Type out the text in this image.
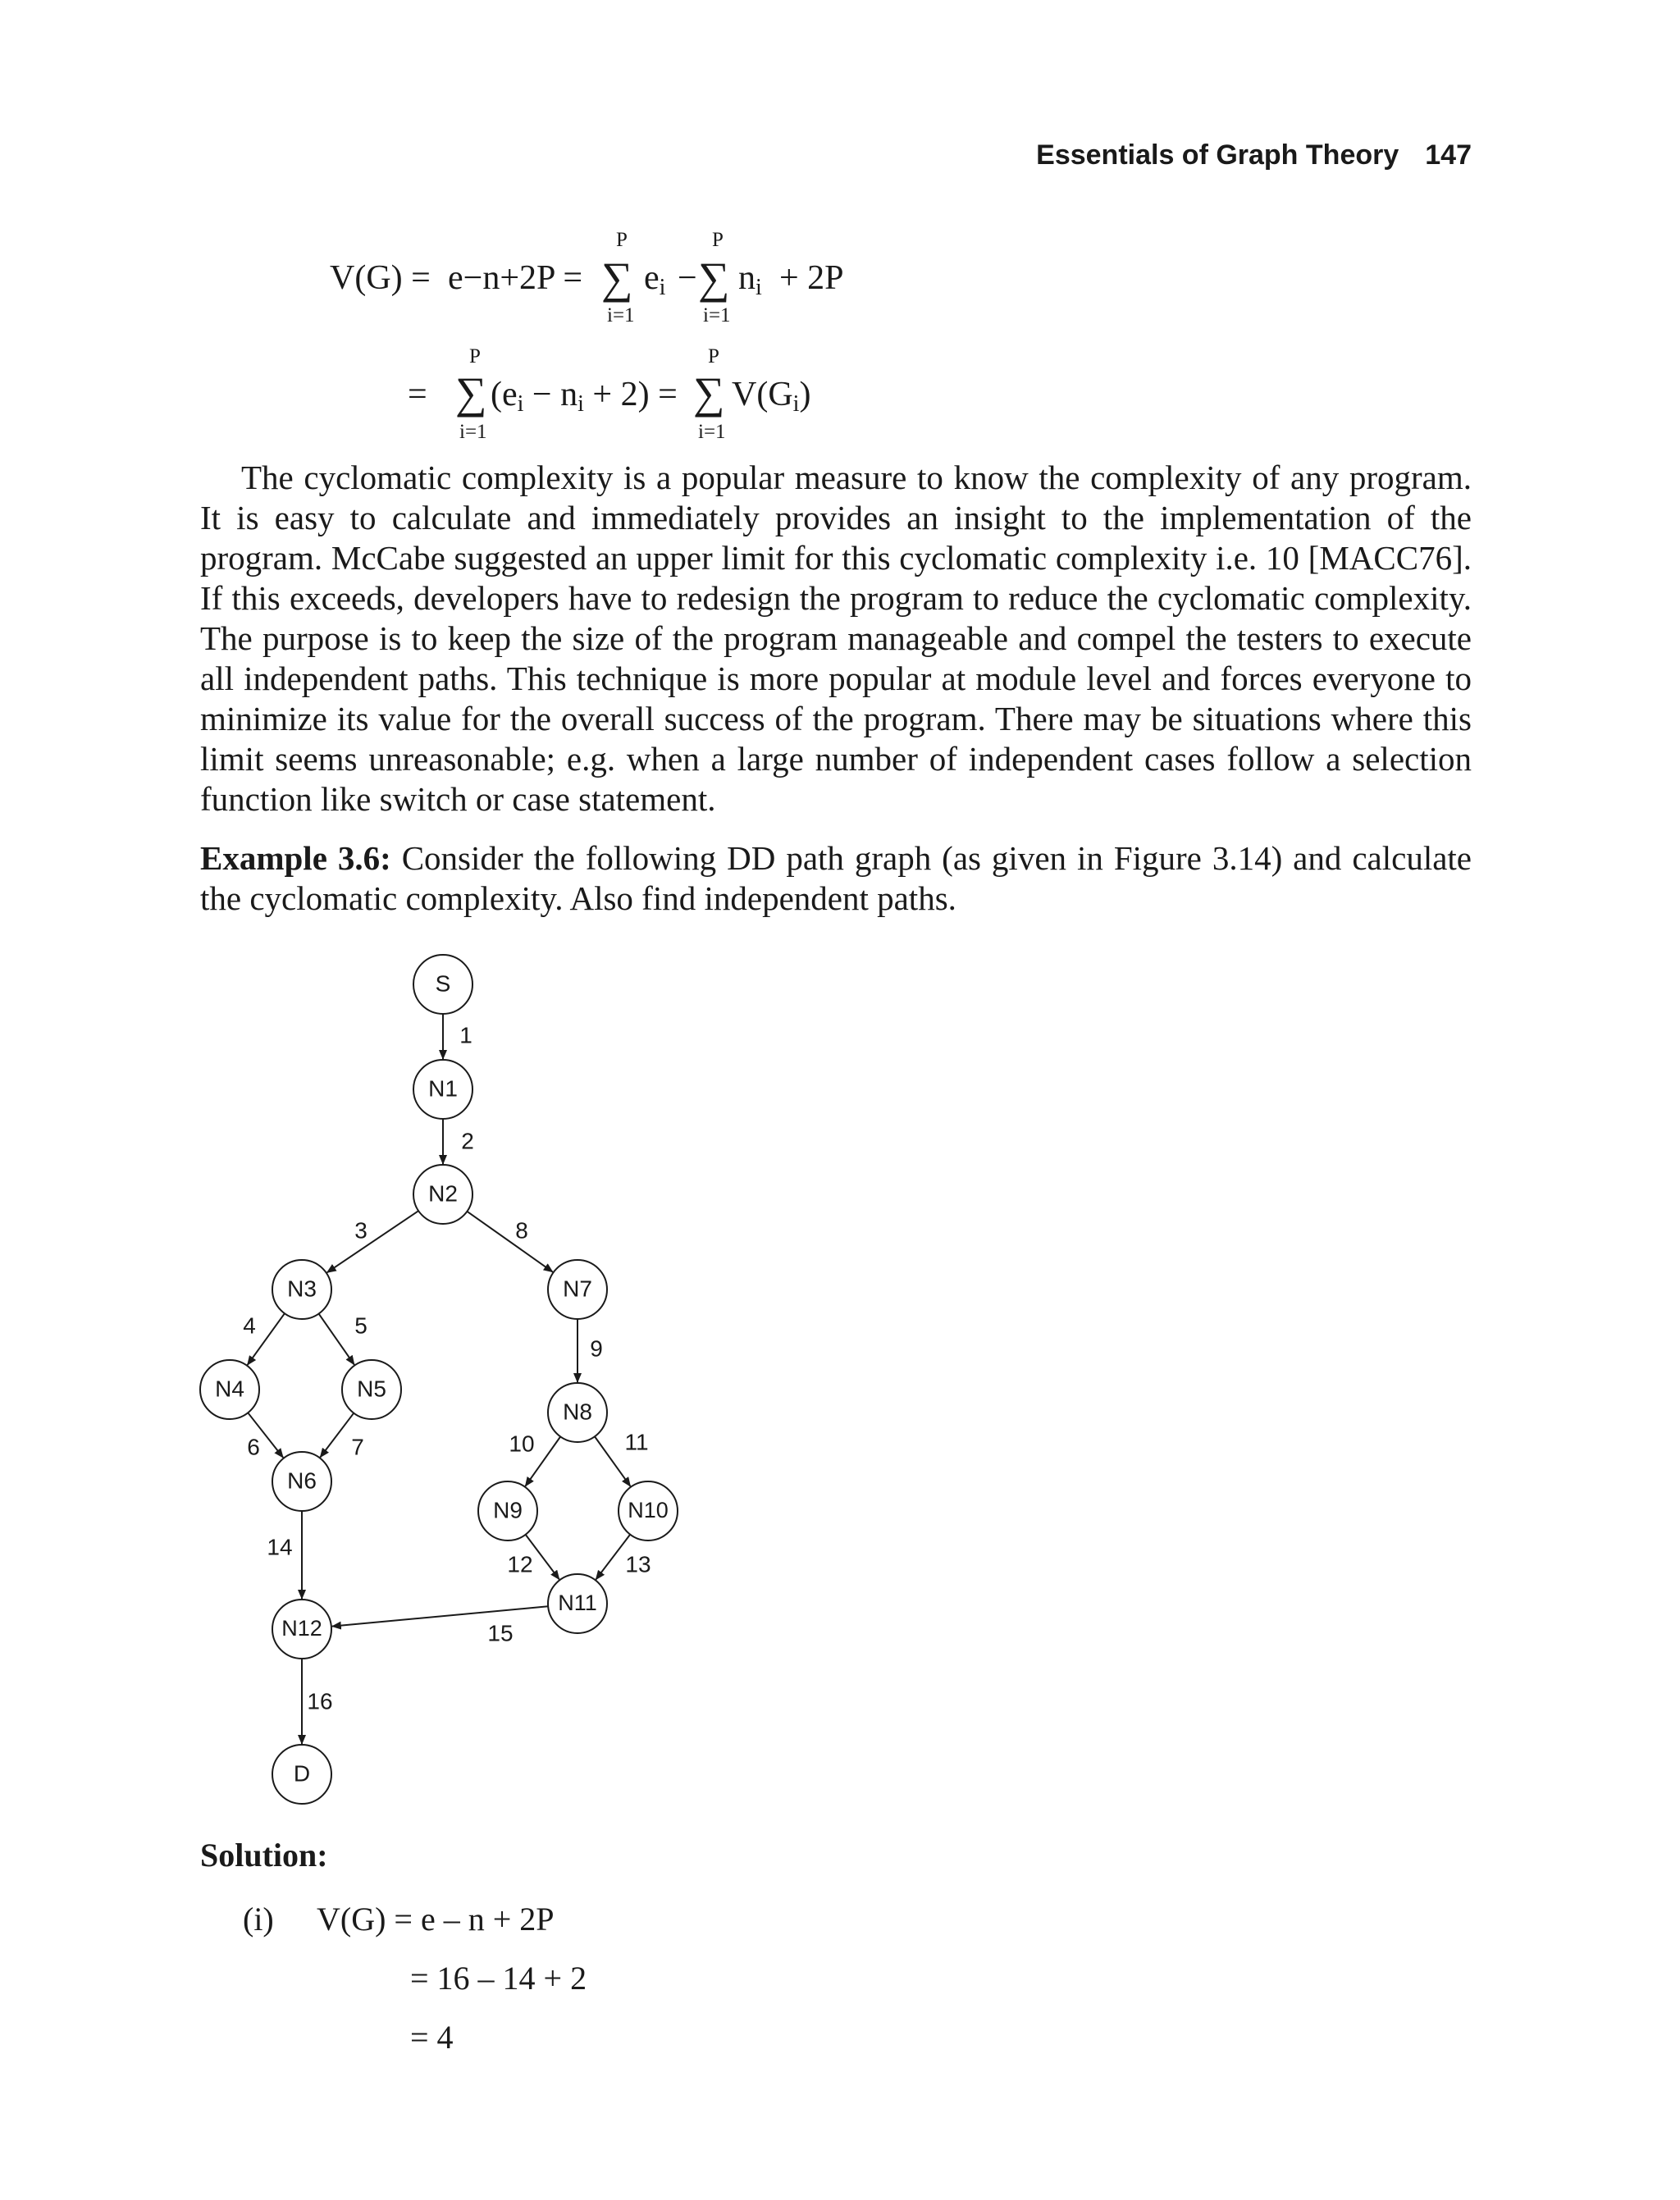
Essentials of Graph Theory 147
V(G) = e−n+2P =
P
∑
i=1
$e_i$ −
P
∑
i=1
$n_i + 2P$
=
P
∑
i=1
$(e_i - n_i + 2)$ =
P
∑
i=1
$V(G_i)$

The cyclomatic complexity is a popular measure to know the complexity of any program. It is easy to calculate and immediately provides an insight to the implementation of the program. McCabe suggested an upper limit for this cyclomatic complexity i.e. 10 [MACC76]. If this exceeds, developers have to redesign the program to reduce the cyclomatic complexity. The purpose is to keep the size of the program manageable and compel the testers to execute all independent paths. This technique is more popular at module level and forces everyone to minimize its value for the overall success of the program. There may be situations where this limit seems unreasonable; e.g. when a large number of independent cases follow a selection function like switch or case statement.

Example 3.6: Consider the following DD path graph (as given in Figure 3.14) and calculate the cyclomatic complexity. Also find independent paths.

S
N1
N2
N3
N4	N5
N6
N7
N8
N9	N10
N11
N12
D
1
2
3
4	5
6	7
8
9
10	11
12	13
14
15
16
Solution:
(i) V(G) = e – n + 2P
= 16 – 14 + 2
= 4
